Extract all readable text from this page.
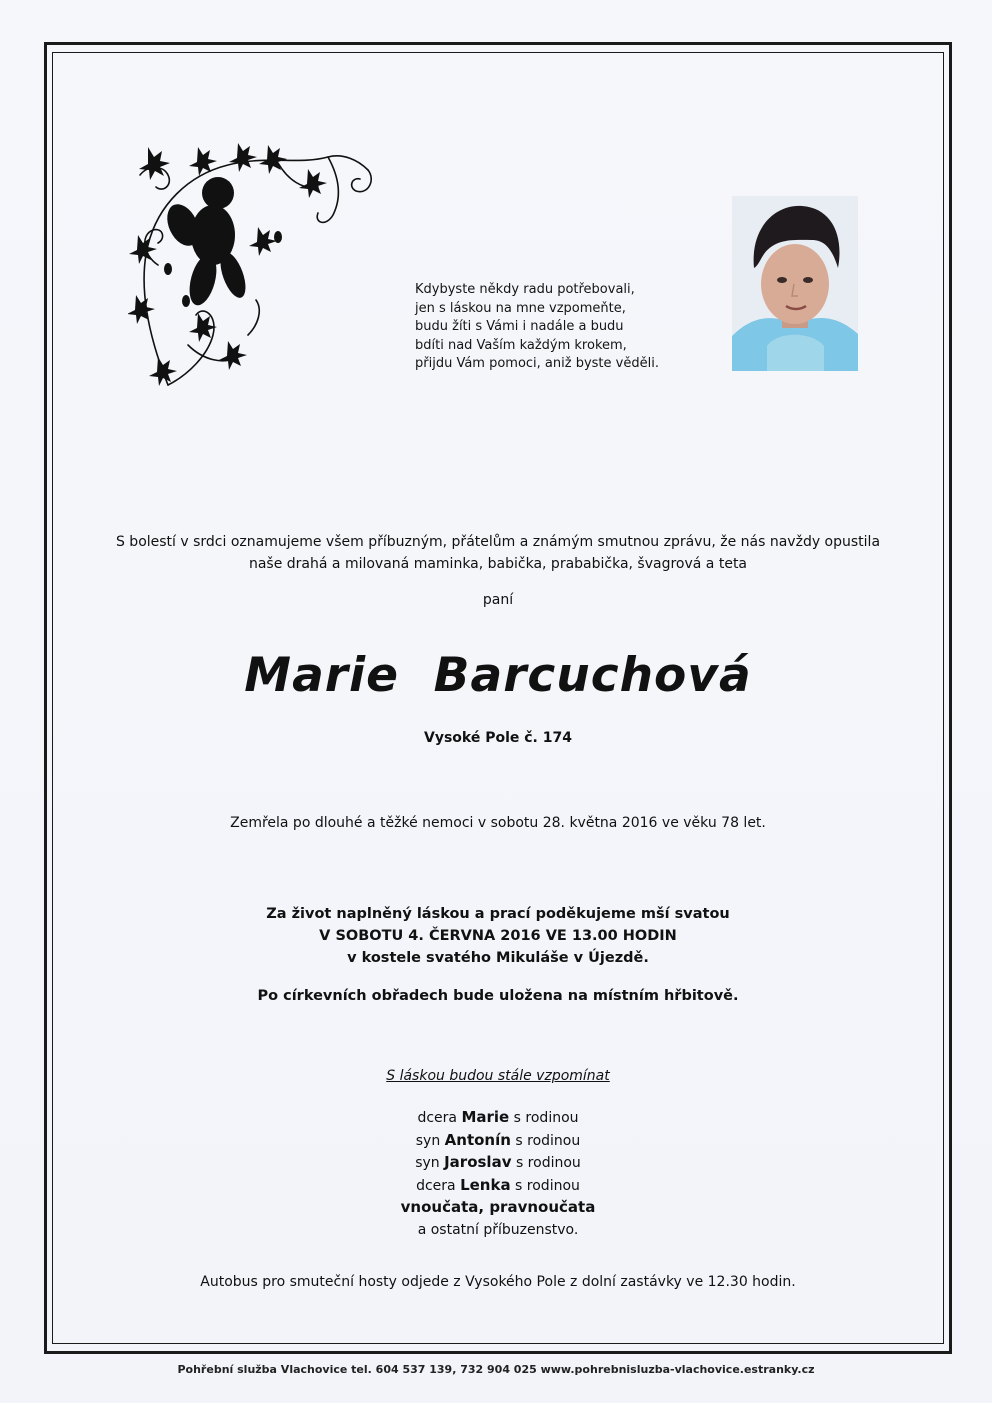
Kdybyste někdy radu potřebovali,
jen s láskou na mne vzpomeňte,
budu žíti s Vámi i nadále a budu
bdíti nad Vaším každým krokem,
přijdu Vám pomoci, aniž byste věděli.
S bolestí v srdci oznamujeme všem příbuzným, přátelům a známým smutnou zprávu, že nás navždy opustila
naše drahá a milovaná maminka, babička, prababička, švagrová a teta
paní
Marie  Barcuchová
Vysoké Pole č. 174
Zemřela po dlouhé a těžké nemoci v sobotu 28. května 2016 ve věku 78 let.
Za život naplněný láskou a prací poděkujeme mší svatou
V SOBOTU 4. ČERVNA 2016 VE 13.00 HODIN
v kostele svatého Mikuláše v Újezdě.
Po církevních obřadech bude uložena na místním hřbitově.
S láskou budou stále vzpomínat
dcera Marie s rodinou
syn Antonín s rodinou
syn Jaroslav s rodinou
dcera Lenka s rodinou
vnoučata, pravnoučata
a ostatní příbuzenstvo.
Autobus pro smuteční hosty odjede z Vysokého Pole z dolní zastávky ve 12.30 hodin.
Pohřební služba Vlachovice tel. 604 537 139, 732 904 025 www.pohrebnisluzba-vlachovice.estranky.cz
